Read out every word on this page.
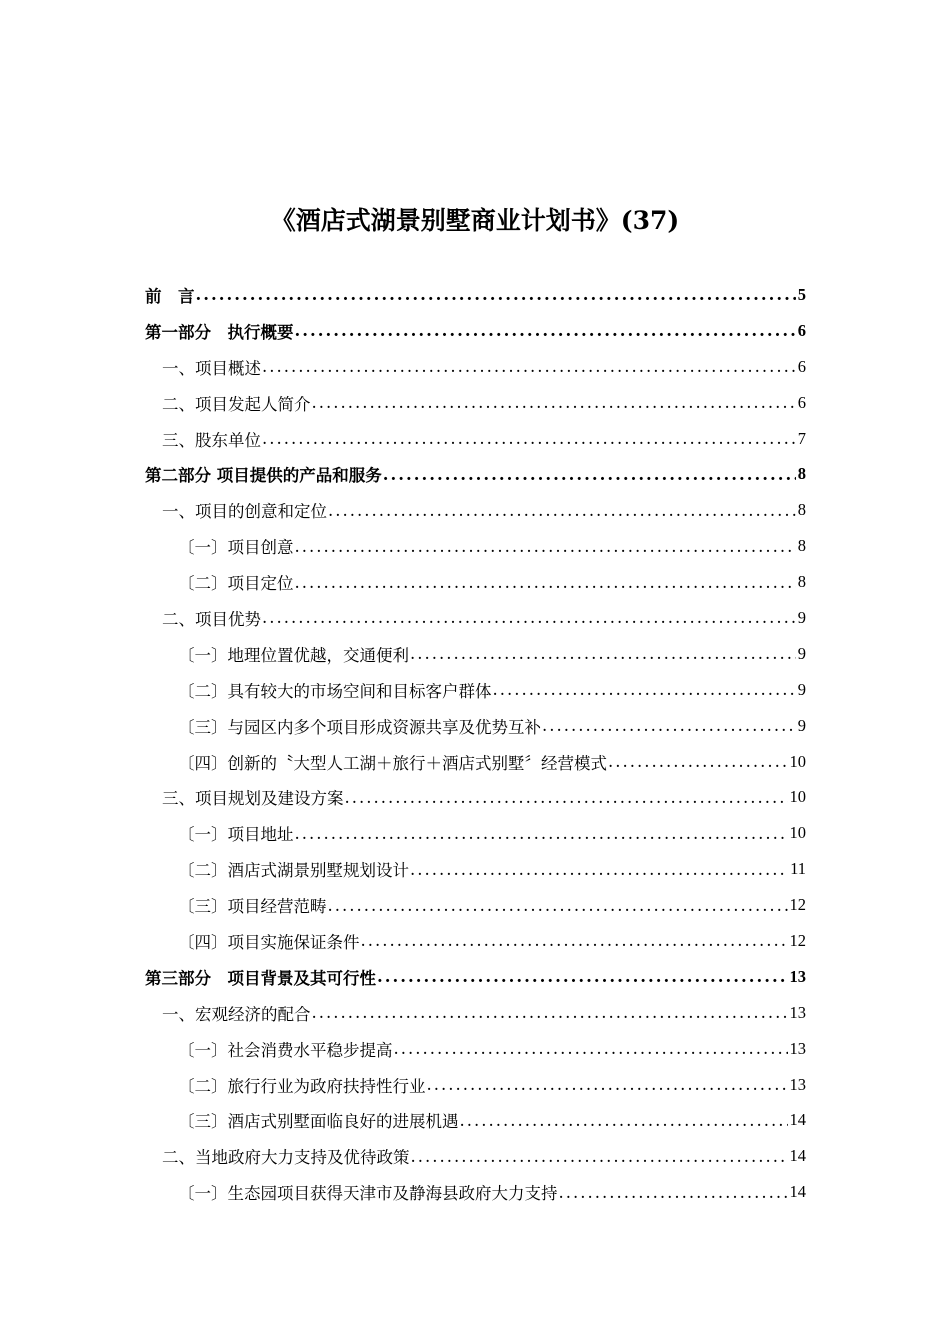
《酒店式湖景别墅商业计划书》(37)
前　言 .....	5
第一部分　执行概要 .....	6
一、项目概述 .....	6
二、项目发起人简介 .....	6
三、股东单位 .....	7
第二部分 项目提供的产品和服务 .....	8
一、项目的创意和定位 .....	8
〔一〕项目创意 .....	8
〔二〕项目定位 .....	8
二、项目优势 .....	9
〔一〕地理位置优越，交通便利 .....	9
〔二〕具有较大的市场空间和目标客户群体 .....	9
〔三〕与园区内多个项目形成资源共享及优势互补 .....	9
〔四〕创新的〝大型人工湖＋旅行＋酒店式别墅〞经营模式 .....	10
三、项目规划及建设方案 .....	10
〔一〕项目地址 .....	10
〔二〕酒店式湖景别墅规划设计 .....	11
〔三〕项目经营范畴 .....	12
〔四〕项目实施保证条件 .....	12
第三部分　项目背景及其可行性 .....	13
一、宏观经济的配合 .....	13
〔一〕社会消费水平稳步提高 .....	13
〔二〕旅行行业为政府扶持性行业 .....	13
〔三〕酒店式别墅面临良好的进展机遇 .....	14
二、当地政府大力支持及优待政策 .....	14
〔一〕生态园项目获得天津市及静海县政府大力支持 .....	14
